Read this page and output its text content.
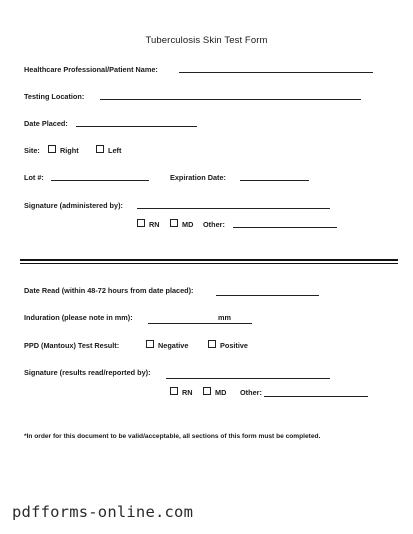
Tuberculosis Skin Test Form
Healthcare Professional/Patient Name:
Testing Location:
Date Placed:
Site:	Right	Left
Lot #:	Expiration Date:
Signature (administered by):
RN	MD Other:
Date Read (within 48-72 hours from date placed):
Induration (please note in mm):	mm
PPD (Mantoux) Test Result:	Negative	Positive
Signature (results read/reported by):
RN	MD Other:
*In order for this document to be valid/acceptable, all sections of this form must be completed.
pdfforms-online.com
